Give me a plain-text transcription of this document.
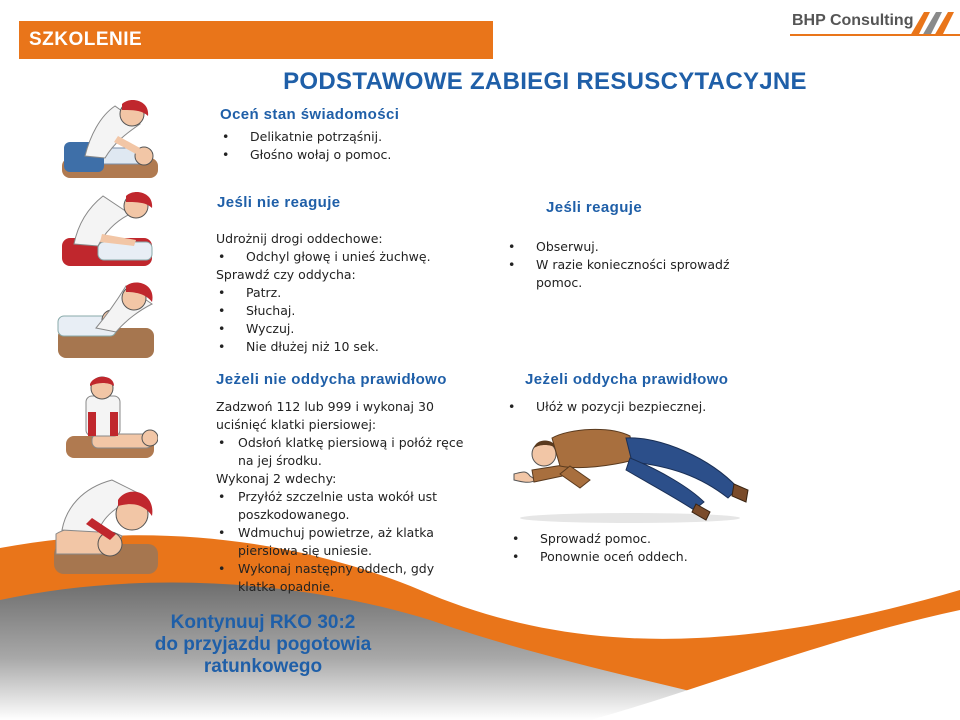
BHP Consulting
SZKOLENIE
PODSTAWOWE ZABIEGI RESUSCYTACYJNE
Oceń stan świadomości
• Delikatnie potrząśnij.
• Głośno wołaj o pomoc.
Jeśli nie reaguje
Udrożnij drogi oddechowe:
• Odchyl głowę i unieś żuchwę.
Sprawdź czy oddycha:
• Patrz.
• Słuchaj.
• Wyczuj.
• Nie dłużej niż 10 sek.
Jeśli reaguje
• Obserwuj.
• W razie konieczności sprowadź pomoc.
Jeżeli nie oddycha prawidłowo
Zadzwoń 112 lub 999 i wykonaj 30 uciśnięć klatki piersiowej:
• Odsłoń klatkę piersiową i połóż ręce na jej środku.
Wykonaj 2 wdechy:
• Przyłóż szczelnie usta wokół ust poszkodowanego.
• Wdmuchuj powietrze, aż klatka piersiowa się uniesie.
• Wykonaj następny oddech, gdy klatka opadnie.
Jeżeli oddycha prawidłowo
• Ułóż w pozycji bezpiecznej.
• Sprowadź pomoc.
• Ponownie oceń oddech.
Kontynuuj RKO 30:2
do przyjazdu pogotowia
ratunkowego
